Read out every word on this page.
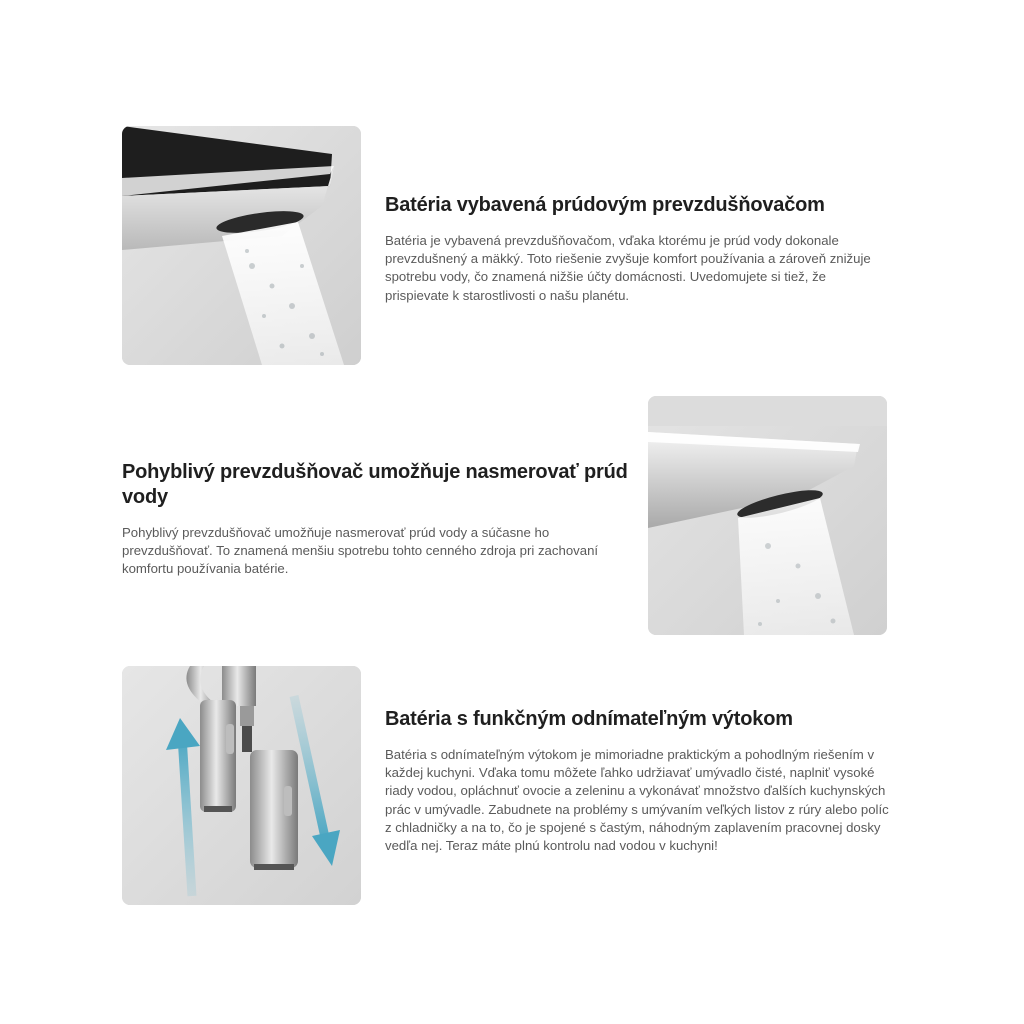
Batéria vybavená prúdovým prevzdušňovačom

Batéria je vybavená prevzdušňovačom, vďaka ktorému je prúd vody dokonale prevzdušnený a mäkký. Toto riešenie zvyšuje komfort používania a zároveň znižuje spotrebu vody, čo znamená nižšie účty domácnosti. Uvedomujete si tiež, že prispievate k starostlivosti o našu planétu.

Pohyblivý prevzdušňovač umožňuje nasmerovať prúd vody

Pohyblivý prevzdušňovač umožňuje nasmerovať prúd vody a súčasne ho prevzdušňovať. To znamená menšiu spotrebu tohto cenného zdroja pri zachovaní komfortu používania batérie.

Batéria s funkčným odnímateľným výtokom

Batéria s odnímateľným výtokom je mimoriadne praktickým a pohodlným riešením v každej kuchyni. Vďaka tomu môžete ľahko udržiavať umývadlo čisté, naplniť vysoké riady vodou, opláchnuť ovocie a zeleninu a vykonávať množstvo ďalších kuchynských prác v umývadle. Zabudnete na problémy s umývaním veľkých listov z rúry alebo políc z chladničky a na to, čo je spojené s častým, náhodným zaplavením pracovnej dosky vedľa nej. Teraz máte plnú kontrolu nad vodou v kuchyni!
